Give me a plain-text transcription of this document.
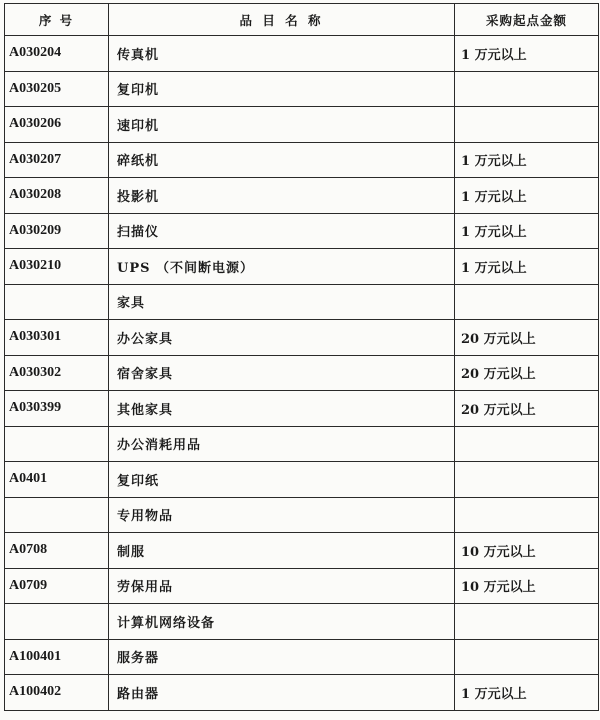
序 号	品 目 名 称	采购起点金额
A030204	传真机	1 万元以上
A030205	复印机	
A030206	速印机	
A030207	碎纸机	1 万元以上
A030208	投影机	1 万元以上
A030209	扫描仪	1 万元以上
A030210	UPS （不间断电源）	1 万元以上
	家具	
A030301	办公家具	20 万元以上
A030302	宿舍家具	20 万元以上
A030399	其他家具	20 万元以上
	办公消耗用品	
A0401	复印纸	
	专用物品	
A0708	制服	10 万元以上
A0709	劳保用品	10 万元以上
	计算机网络设备	
A100401	服务器	
A100402	路由器	1 万元以上
